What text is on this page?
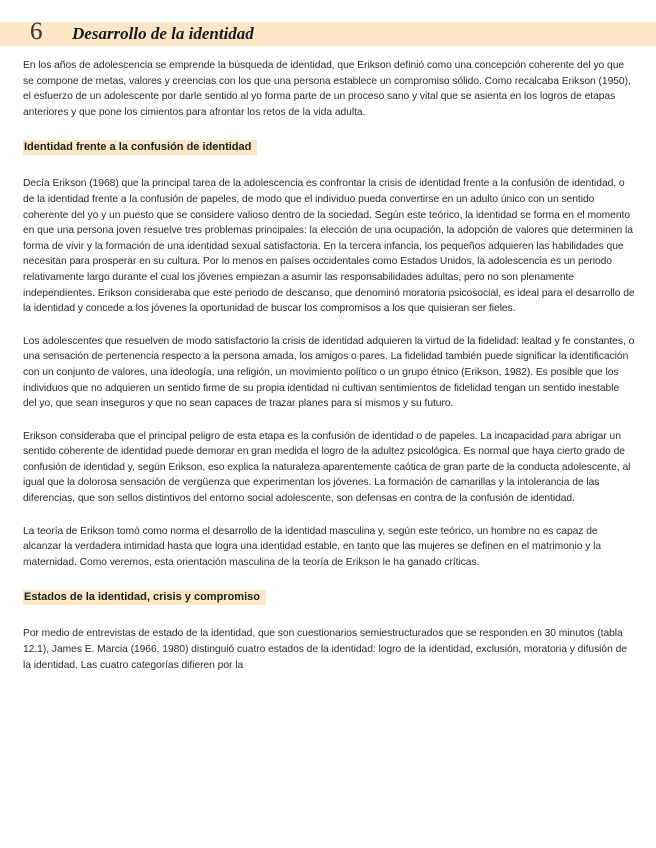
6 Desarrollo de la identidad

En los años de adolescencia se emprende la búsqueda de identidad, que Erikson definió como una concepción coherente del yo que se compone de metas, valores y creencias con los que una persona establece un compromiso sólido. Como recalcaba Erikson (1950), el esfuerzo de un adolescente por darle sentido al yo forma parte de un proceso sano y vital que se asienta en los logros de etapas anteriores y que pone los cimientos para afrontar los retos de la vida adulta.

Identidad frente a la confusión de identidad

Decía Erikson (1968) que la principal tarea de la adolescencia es confrontar la crisis de identidad frente a la confusión de identidad, o de la identidad frente a la confusión de papeles, de modo que el individuo pueda convertirse en un adulto único con un sentido coherente del yo y un puesto que se considere valioso dentro de la sociedad. Según este teórico, la identidad se forma en el momento en que una persona joven resuelve tres problemas principales: la elección de una ocupación, la adopción de valores que determinen la forma de vivir y la formación de una identidad sexual satisfactoria. En la tercera infancia, los pequeños adquieren las habilidades que necesitan para prosperar en su cultura. Por lo menos en países occidentales como Estados Unidos, la adolescencia es un periodo relativamente largo durante el cual los jóvenes empiezan a asumir las responsabilidades adultas, pero no son plenamente independientes. Erikson consideraba que este periodo de descanso, que denominó moratoria psicosocial, es ideal para el desarrollo de la identidad y concede a los jóvenes la oportunidad de buscar los compromisos a los que quisieran ser fieles.

Los adolescentes que resuelven de modo satisfactorio la crisis de identidad adquieren la virtud de la fidelidad: lealtad y fe constantes, o una sensación de pertenencia respecto a la persona amada, los amigos o pares. La fidelidad también puede significar la identificación con un conjunto de valores, una ideología, una religión, un movimiento político o un grupo étnico (Erikson, 1982). Es posible que los individuos que no adquieren un sentido firme de su propia identidad ni cultivan sentimientos de fidelidad tengan un sentido inestable del yo, que sean inseguros y que no sean capaces de trazar planes para sí mismos y su futuro.

Erikson consideraba que el principal peligro de esta etapa es la confusión de identidad o de papeles. La incapacidad para abrigar un sentido coherente de identidad puede demorar en gran medida el logro de la adultez psicológica. Es normal que haya cierto grado de confusión de identidad y, según Erikson, eso explica la naturaleza aparentemente caótica de gran parte de la conducta adolescente, al igual que la dolorosa sensación de vergüenza que experimentan los jóvenes. La formación de camarillas y la intolerancia de las diferencias, que son sellos distintivos del entorno social adolescente, son defensas en contra de la confusión de identidad.

La teoría de Erikson tomó como norma el desarrollo de la identidad masculina y, según este teórico, un hombre no es capaz de alcanzar la verdadera intimidad hasta que logra una identidad estable, en tanto que las mujeres se definen en el matrimonio y la maternidad. Como veremos, esta orientación masculina de la teoría de Erikson le ha ganado críticas.

Estados de la identidad, crisis y compromiso

Por medio de entrevistas de estado de la identidad, que son cuestionarios semiestructurados que se responden en 30 minutos (tabla 12.1), James E. Marcia (1966, 1980) distinguió cuatro estados de la identidad: logro de la identidad, exclusión, moratoria y difusión de la identidad. Las cuatro categorías difieren por la
